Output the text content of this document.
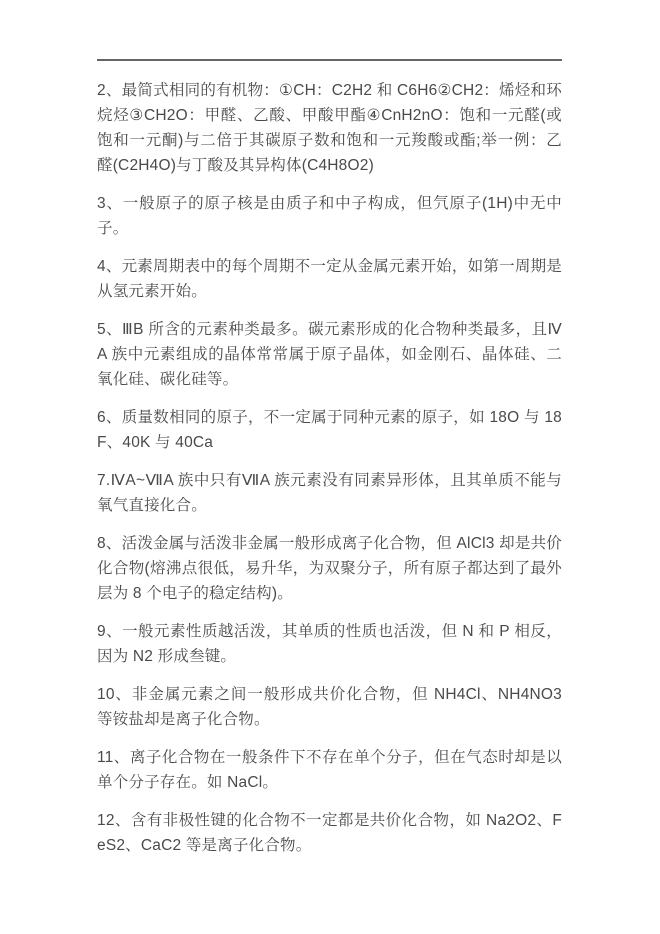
2、最简式相同的有机物：①CH：C2H2 和 C6H6②CH2：烯烃和环烷烃③CH2O：甲醛、乙酸、甲酸甲酯④CnH2nO：饱和一元醛(或饱和一元酮)与二倍于其碳原子数和饱和一元羧酸或酯;举一例：乙醛(C2H4O)与丁酸及其异构体(C4H8O2)

3、一般原子的原子核是由质子和中子构成，但氕原子(1H)中无中子。

4、元素周期表中的每个周期不一定从金属元素开始，如第一周期是从氢元素开始。

5、ⅢB 所含的元素种类最多。碳元素形成的化合物种类最多，且ⅣA 族中元素组成的晶体常常属于原子晶体，如金刚石、晶体硅、二氧化硅、碳化硅等。

6、质量数相同的原子，不一定属于同种元素的原子，如 18O 与 18F、40K 与 40Ca

7.ⅣA~ⅦA 族中只有ⅦA 族元素没有同素异形体，且其单质不能与氧气直接化合。

8、活泼金属与活泼非金属一般形成离子化合物，但 AlCl3 却是共价化合物(熔沸点很低，易升华，为双聚分子，所有原子都达到了最外层为 8 个电子的稳定结构)。

9、一般元素性质越活泼，其单质的性质也活泼，但 N 和 P 相反，因为 N2 形成叁键。

10、非金属元素之间一般形成共价化合物，但 NH4Cl、NH4NO3 等铵盐却是离子化合物。

11、离子化合物在一般条件下不存在单个分子，但在气态时却是以单个分子存在。如 NaCl。

12、含有非极性键的化合物不一定都是共价化合物，如 Na2O2、FeS2、CaC2 等是离子化合物。
